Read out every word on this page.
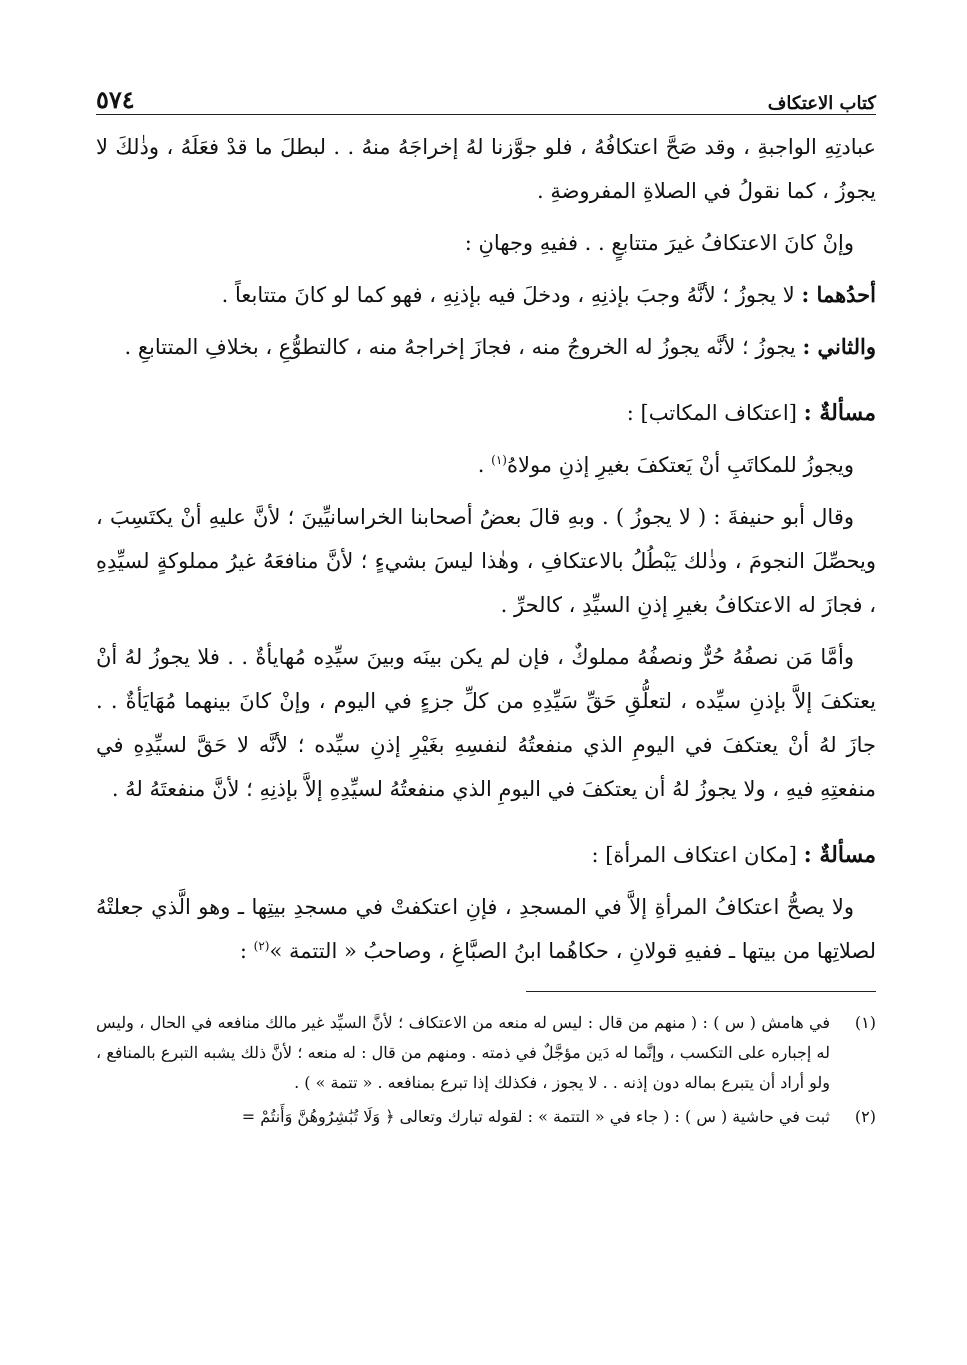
كتاب الاعتكاف
٥٧٤

عبادتِهِ الواجبةِ ، وقد صَحَّ اعتكافُهُ ، فلو جوَّزنا لهُ إخراجَهُ منهُ . . لبطلَ ما قدْ فعَلَهُ ، وذٰلكَ لا يجوزُ ، كما نقولُ في الصلاةِ المفروضةِ .

وإنْ كانَ الاعتكافُ غيرَ متتابعٍ . . ففيهِ وجهانِ :

أحدُهما : لا يجوزُ ؛ لأنَّهُ وجبَ بإذنِهِ ، ودخلَ فيه بإذنِهِ ، فهو كما لو كانَ متتابعاً .

والثاني : يجوزُ ؛ لأنَّه يجوزُ له الخروجُ منه ، فجازَ إخراجهُ منه ، كالتطوُّعِ ، بخلافِ المتتابعِ .

مسألةٌ : [اعتكاف المكاتب] :

ويجوزُ للمكاتَبِ أنْ يَعتكفَ بغيرِ إذنِ مولاهُ$^{(١)}$ .

وقال أبو حنيفةَ : ( لا يجوزُ ) . وبهِ قالَ بعضُ أصحابنا الخراسانيِّينَ ؛ لأنَّ عليهِ أنْ يكتَسِبَ ، ويحصِّلَ النجومَ ، وذٰلك يَبْطُلُ بالاعتكافِ ، وهٰذا ليسَ بشيءٍ ؛ لأنَّ منافعَهُ غيرُ مملوكةٍ لسيِّدِهِ ، فجازَ له الاعتكافُ بغيرِ إذنِ السيِّدِ ، كالحرِّ .

وأمَّا مَن نصفُهُ حُرٌّ ونصفُهُ مملوكٌ ، فإن لم يكن بينَه وبينَ سيِّدِه مُهايأةٌ . . فلا يجوزُ لهُ أنْ يعتكفَ إلاَّ بإذنِ سيِّده ، لتعلُّقِ حَقِّ سَيِّدِهِ من كلِّ جزءٍ في اليوم ، وإنْ كانَ بينهما مُهَايَأةٌ . . جازَ لهُ أنْ يعتكفَ في اليومِ الذي منفعتُهُ لنفسِهِ بغَيْرِ إذنِ سيِّده ؛ لأنَّه لا حَقَّ لسيِّدِهِ في منفعتِهِ فيهِ ، ولا يجوزُ لهُ أن يعتكفَ في اليومِ الذي منفعتُهُ لسيِّدِهِ إلاَّ بإذنِهِ ؛ لأنَّ منفعتَهُ لهُ .

مسألةٌ : [مكان اعتكاف المرأة] :

ولا يصحُّ اعتكافُ المرأةِ إلاَّ في المسجدِ ، فإنِ اعتكفتْ في مسجدِ بيتِها ـ وهو الَّذي جعلتْهُ لصلاتِها من بيتها ـ ففيهِ قولانِ ، حكاهُما ابنُ الصبَّاغِ ، وصاحبُ « التتمة »$^{(٢)}$ :

(١)
في هامش ( س ) : ( منهم من قال : ليس له منعه من الاعتكاف ؛ لأنَّ السيِّد غير مالك منافعه في الحال ، وليس له إجباره على التكسب ، وإنَّما له دَين مؤجَّلٌ في ذمته . ومنهم من قال : له منعه ؛ لأنَّ ذلك يشبه التبرع بالمنافع ، ولو أراد أن يتبرع بماله دون إذنه . . لا يجوز ، فكذلك إذا تبرع بمنافعه . « تتمة » ) .
(٢)
ثبت في حاشية ( س ) : ( جاء في « التتمة » : لقوله تبارك وتعالى ﴿ وَلَا تُبَٰشِرُوهُنَّ وَأَنتُمْ =
